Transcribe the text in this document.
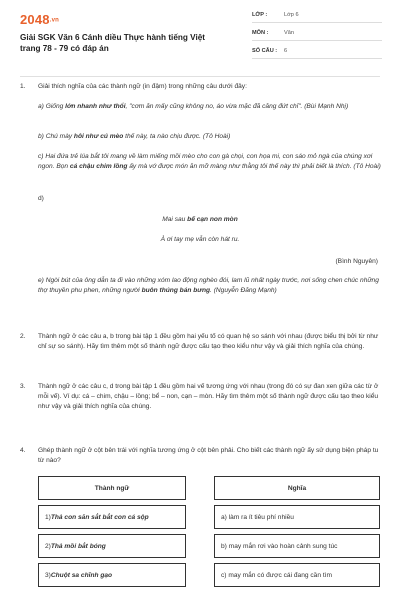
2048.vn
Giải SGK Văn 6 Cánh diều Thực hành tiếng Việt trang 78 - 79 có đáp án
LỚP :	Lớp 6
MÔN :	Văn
SỐ CÂU : 6
1. Giải thích nghĩa của các thành ngữ (in đậm) trong những câu dưới đây:
a) Giống lớn nhanh như thổi, "cơm ăn mấy cũng không no, áo vừa mặc đã căng đứt chỉ". (Bùi Mạnh Nhị)
b) Chú mày hôi như cú mèo thế này, ta nào chịu được. (Tô Hoài)
c) Hai đứa trẻ lúa bắt tôi mang về làm miếng mồi mèo cho con gà chọi, con họa mi, con sáo mỏ ngà của chúng xơi ngon. Bọn cá chậu chim lồng ấy mà vớ được món ăn mỡ màng như thằng tôi thế này thì phải biết là thích. (Tô Hoài)
d)
Mai sau bế cạn non mòn
À ơi tay mẹ vẫn còn hát ru.
(Bình Nguyên)
e) Ngòi bút của ông dẫn ta đi vào những xóm lao động nghèo đói, lam lũ nhất ngày trước, nơi sống chen chúc những thợ thuyền phu phen, những người buôn thúng bán bưng. (Nguyễn Đăng Mạnh)
2. Thành ngữ ở các câu a, b trong bài tập 1 đều gồm hai yếu tố có quan hệ so sánh với nhau (được biểu thị bởi từ như chỉ sự so sánh). Hãy tìm thêm một số thành ngữ được cấu tạo theo kiểu như vậy và giải thích nghĩa của chúng.
3. Thành ngữ ở các câu c, d trong bài tập 1 đều gồm hai vế tương ứng với nhau (trong đó có sự đan xen giữa các từ ở mỗi vế). Ví dụ: cá – chim, chậu – lồng; bể – non, cạn – mòn. Hãy tìm thêm một số thành ngữ được cấu tạo theo kiểu như vậy và giải thích nghĩa của chúng.
4. Ghép thành ngữ ở cột bên trái với nghĩa tương ứng ở cột bên phải. Cho biết các thành ngữ ấy sử dụng biện pháp tu từ nào?
Thành ngữ	Nghĩa
1) Thả con săn sắt bắt con cá sộp	a) làm ra ít tiêu phí nhiều
2) Thả mồi bắt bóng	b) may mắn rơi vào hoàn cảnh sung túc
3) Chuột sa chĩnh gạo	c) may mắn có được cái đang cần tìm
